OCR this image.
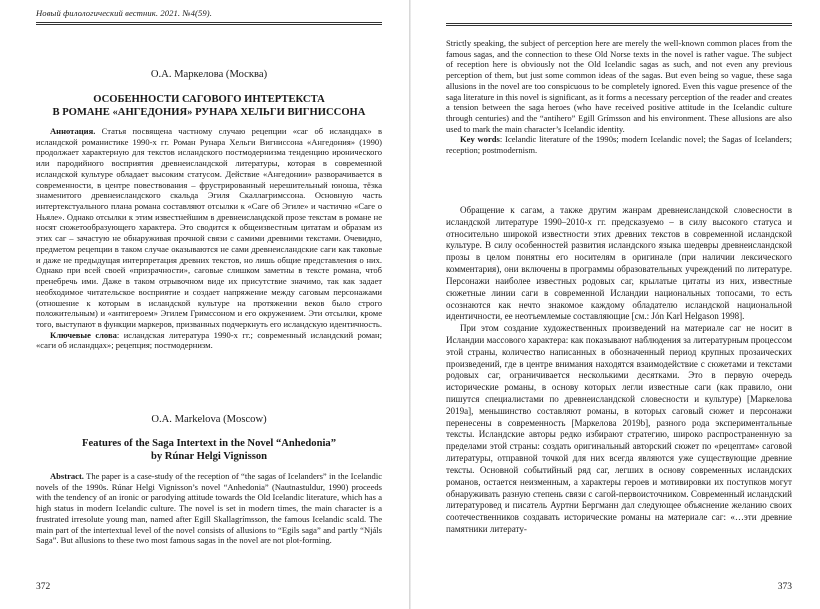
Новый филологический вестник. 2021. №4(59).
О.А. Маркелова (Москва)
ОСОБЕННОСТИ САГОВОГО ИНТЕРТЕКСТА
В РОМАНЕ «АНГЕДОНИЯ» РУНАРА ХЕЛЬГИ ВИГНИССОНА

Аннотация. Статья посвящена частному случаю рецепции «саг об исландцах» в исландской романистике 1990-х гг. Роман Рунара Хельги Вигниссона «Ангедония» (1990) продолжает характерную для текстов исландского постмодернизма тенденцию иронического или пародийного восприятия древнеисландской литературы, которая в современной исландской культуре обладает высоким статусом. Действие «Ангедонии» разворачивается в современности, в центре повествования – фрустрированный нерешительный юноша, тёзка знаменитого древнеисландского скальда Эгиля Скаллагримссона. Основную часть интертекстуального плана романа составляют отсылки к «Саге об Эгиле» и частично «Саге о Ньяле». Однако отсылки к этим известнейшим в древнеисландской прозе текстам в романе не носят сюжетообразующего характера. Это сводится к общеизвестным цитатам и образам из этих саг – зачастую не обнаруживая прочной связи с самими древними текстами. Очевидно, предметом рецепции в таком случае оказываются не сами древнеисландские саги как таковые и даже не предыдущая интерпретация древних текстов, но лишь общие представления о них. Однако при всей своей «призрачности», саговые слишком заметны в тексте романа, чтоб пренебречь ими. Даже в таком отрывочном виде их присутствие значимо, так как задает необходимое читательское восприятие и создает напряжение между саговым персонажами (отношение к которым в исландской культуре на протяжении веков было строго положительным) и «антигероем» Эгилем Гримссоном и его окружением. Эти отсылки, кроме того, выступают в функции маркеров, призванных подчеркнуть его исландскую идентичность.

Ключевые слова: исландская литература 1990-х гг.; современный исландский роман; «саги об исландцах»; рецепция; постмодернизм.

O.A. Markelova (Moscow)
Features of the Saga Intertext in the Novel “Anhedonia”
by Rúnar Helgi Vignisson

Abstract. The paper is a case-study of the reception of “the sagas of Icelanders” in the Icelandic novels of the 1990s. Rúnar Helgi Vignisson’s novel “Anhedonia” (Nautnastuldur, 1990) proceeds with the tendency of an ironic or parodying attitude towards the Old Icelandic literature, which has a high status in modern Icelandic culture. The novel is set in modern times, the main character is a frustrated irresolute young man, named after Egill Skallagrímsson, the famous Icelandic scald. The main part of the intertextual level of the novel consists of allusions to “Egils saga” and partly “Njáls Saga”. But allusions to these two most famous sagas in the novel are not plot-forming.

372

Strictly speaking, the subject of perception here are merely the well-known common places from the famous sagas, and the connection to these Old Norse texts in the novel is rather vague. The subject of reception here is obviously not the Old Icelandic sagas as such, and not even any previous perception of them, but just some common ideas of the sagas. But even being so vague, these saga allusions in the novel are too conspicuous to be completely ignored. Even this vague presence of the saga literature in this novel is significant, as it forms a necessary perception of the reader and creates a tension between the saga heroes (who have received positive attitude in the Icelandic culture through centuries) and the “antihero” Egill Grímsson and his environment. These allusions are also used to mark the main character’s Icelandic identity.

Key words: Icelandic literature of the 1990s; modern Icelandic novel; the Sagas of Icelanders; reception; postmodernism.

Обращение к сагам, а также другим жанрам древнеисландской словесности в исландской литературе 1990–2010-х гг. предсказуемо – в силу высокого статуса и относительно широкой известности этих древних текстов в современной исландской культуре. В силу особенностей развития исландского языка шедевры древнеисландской прозы в целом понятны его носителям в оригинале (при наличии лексического комментария), они включены в программы образовательных учреждений по литературе. Персонажи наиболее известных родовых саг, крылатые цитаты из них, известные сюжетные линии саги в современной Исландии национальных топосами, то есть осознаются как нечто знакомое каждому обладателю исландской национальной идентичности, ее неотъемлемые составляющие [см.: Jón Karl Helgason 1998].

При этом создание художественных произведений на материале саг не носит в Исландии массового характера: как показывают наблюдения за литературным процессом этой страны, количество написанных в обозначенный период крупных прозаических произведений, где в центре внимания находятся взаимодействие с сюжетами и текстами родовых саг, ограничивается несколькими десятками. Это в первую очередь исторические романы, в основу которых легли известные саги (как правило, они пишутся специалистами по древнеисландской словесности и культуре) [Маркелова 2019a], меньшинство составляют романы, в которых саговый сюжет и персонажи перенесены в современность [Маркелова 2019b], разного рода экспериментальные тексты. Исландские авторы редко избирают стратегию, широко распространенную за пределами этой страны: создать оригинальный авторский сюжет по «рецептам» саговой литературы, отправной точкой для них всегда являются уже существующие древние тексты. Основной событийный ряд саг, легших в основу современных исландских романов, остается неизменным, а характеры героев и мотивировки их поступков могут обнаруживать разную степень связи с сагой-первоисточником. Современный исландский литературовед и писатель Ауртни Бергманн дал следующее объяснение желанию своих соотечественников создавать исторические романы на материале саг: «…эти древние памятники литерату-

373
